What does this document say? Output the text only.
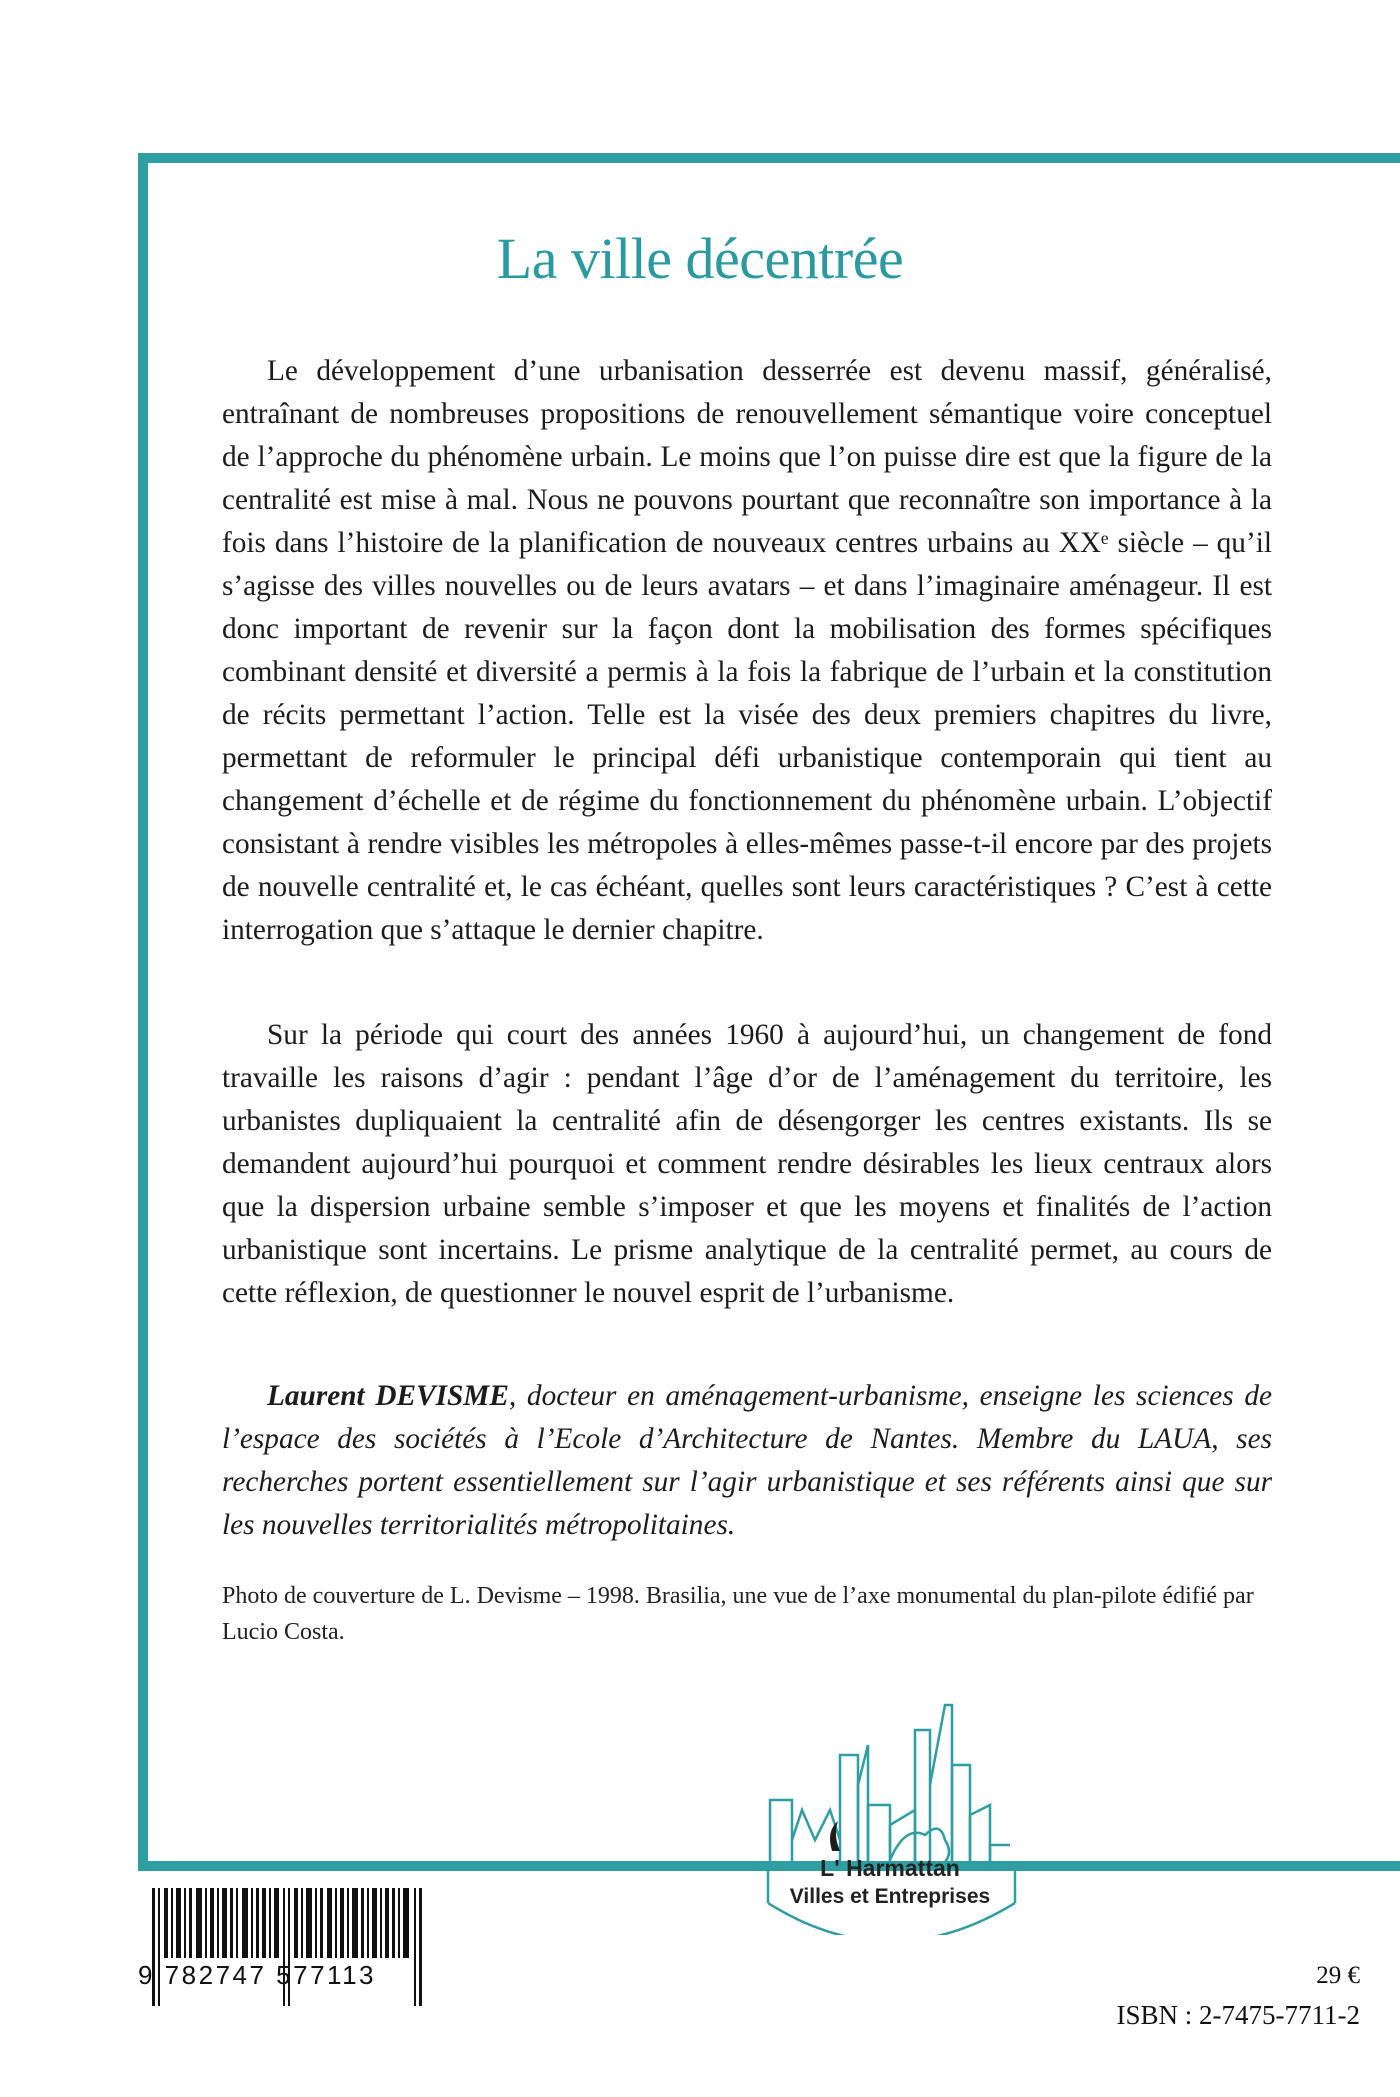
La ville décentrée

Le développement d’une urbanisation desserrée est devenu massif, généralisé, entraînant de nombreuses propositions de renouvellement sémantique voire conceptuel de l’approche du phénomène urbain. Le moins que l’on puisse dire est que la figure de la centralité est mise à mal. Nous ne pouvons pourtant que reconnaître son importance à la fois dans l’histoire de la planification de nouveaux centres urbains au XXᵉ siècle – qu’il s’agisse des villes nouvelles ou de leurs avatars – et dans l’imaginaire aménageur. Il est donc important de revenir sur la façon dont la mobilisation des formes spécifiques combinant densité et diversité a permis à la fois la fabrique de l’urbain et la constitution de récits permettant l’action. Telle est la visée des deux premiers chapitres du livre, permettant de reformuler le principal défi urbanistique contemporain qui tient au changement d’échelle et de régime du fonctionnement du phénomène urbain. L’objectif consistant à rendre visibles les métropoles à elles-mêmes passe-t-il encore par des projets de nouvelle centralité et, le cas échéant, quelles sont leurs caractéristiques ? C’est à cette interrogation que s’attaque le dernier chapitre.

Sur la période qui court des années 1960 à aujourd’hui, un changement de fond travaille les raisons d’agir : pendant l’âge d’or de l’aménagement du territoire, les urbanistes dupliquaient la centralité afin de désengorger les centres existants. Ils se demandent aujourd’hui pourquoi et comment rendre désirables les lieux centraux alors que la dispersion urbaine semble s’imposer et que les moyens et finalités de l’action urbanistique sont incertains. Le prisme analytique de la centralité permet, au cours de cette réflexion, de questionner le nouvel esprit de l’urbanisme.

Laurent DEVISME, docteur en aménagement-urbanisme, enseigne les sciences de l’espace des sociétés à l’Ecole d’Architecture de Nantes. Membre du LAUA, ses recherches portent essentiellement sur l’agir urbanistique et ses référents ainsi que sur les nouvelles territorialités métropolitaines.

Photo de couverture de L. Devisme – 1998. Brasilia, une vue de l’axe monumental du plan-pilote édifié par Lucio Costa.
L' Harmattan
Villes et Entreprises
9 782747 577113	29 €
ISBN : 2-7475-7711-2
